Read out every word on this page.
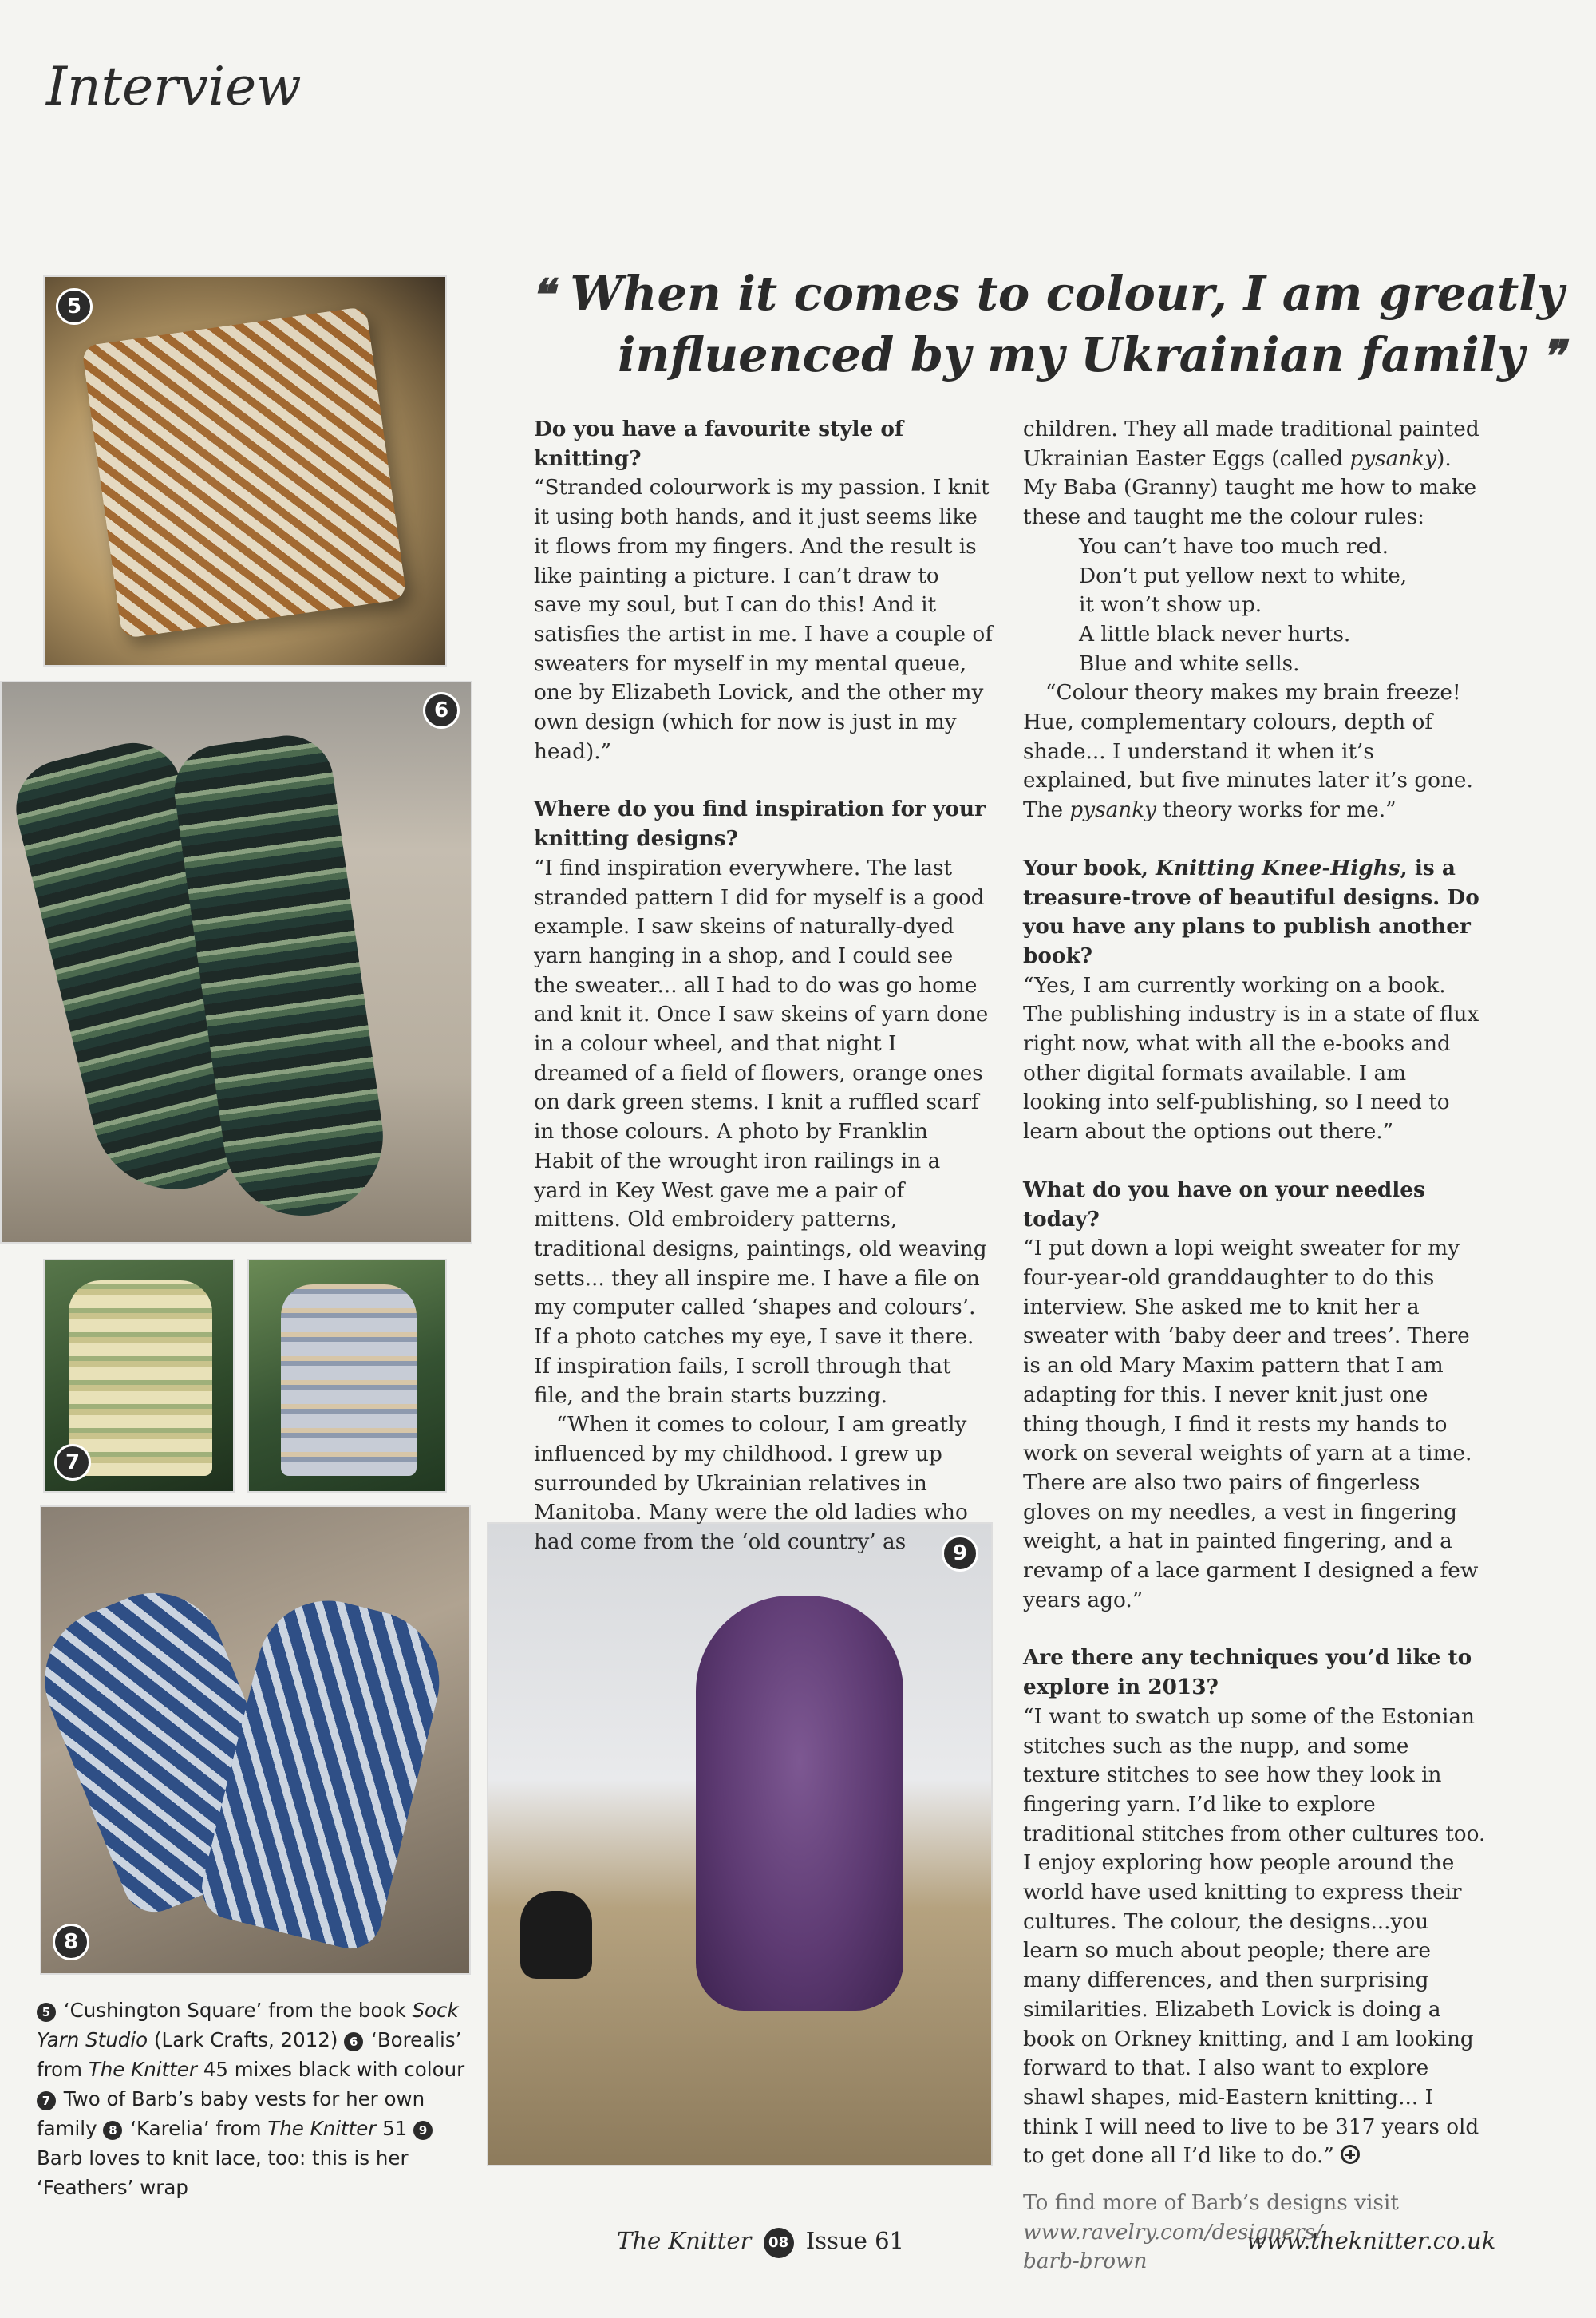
Interview
5
6
7
8
9
5 ‘Cushington Square’ from the book Sock Yarn Studio (Lark Crafts, 2012) 6 ‘Borealis’ from The Knitter 45 mixes black with colour 7 Two of Barb’s baby vests for her own family 8 ‘Karelia’ from The Knitter 51 9 Barb loves to knit lace, too: this is her ‘Feathers’ wrap
❝ When it comes to colour, I am greatly
influenced by my Ukrainian family ❞

Do you have a favourite style of knitting?

“Stranded colourwork is my passion. I knit it using both hands, and it just seems like it flows from my fingers. And the result is like painting a picture. I can’t draw to save my soul, but I can do this! And it satisfies the artist in me. I have a couple of sweaters for myself in my mental queue, one by Elizabeth Lovick, and the other my own design (which for now is just in my head).”

Where do you find inspiration for your knitting designs?

“I find inspiration everywhere. The last stranded pattern I did for myself is a good example. I saw skeins of naturally-dyed yarn hanging in a shop, and I could see the sweater... all I had to do was go home and knit it. Once I saw skeins of yarn done in a colour wheel, and that night I dreamed of a field of flowers, orange ones on dark green stems. I knit a ruffled scarf in those colours. A photo by Franklin Habit of the wrought iron railings in a yard in Key West gave me a pair of mittens. Old embroidery patterns, traditional designs, paintings, old weaving setts... they all inspire me. I have a file on my computer called ‘shapes and colours’. If a photo catches my eye, I save it there. If inspiration fails, I scroll through that file, and the brain starts buzzing.

“When it comes to colour, I am greatly influenced by my childhood. I grew up surrounded by Ukrainian relatives in Manitoba. Many were the old ladies who had come from the ‘old country’ as

children. They all made traditional painted Ukrainian Easter Eggs (called pysanky). My Baba (Granny) taught me how to make these and taught me the colour rules:

You can’t have too much red.

Don’t put yellow next to white,

it won’t show up.

A little black never hurts.

Blue and white sells.

“Colour theory makes my brain freeze! Hue, complementary colours, depth of shade... I understand it when it’s explained, but five minutes later it’s gone. The pysanky theory works for me.”

Your book, Knitting Knee-Highs, is a treasure-trove of beautiful designs. Do you have any plans to publish another book?

“Yes, I am currently working on a book. The publishing industry is in a state of flux right now, what with all the e-books and other digital formats available. I am looking into self-publishing, so I need to learn about the options out there.”

What do you have on your needles today?

“I put down a lopi weight sweater for my four-year-old granddaughter to do this interview. She asked me to knit her a sweater with ‘baby deer and trees’. There is an old Mary Maxim pattern that I am adapting for this. I never knit just one thing though, I find it rests my hands to work on several weights of yarn at a time. There are also two pairs of fingerless gloves on my needles, a vest in fingering weight, a hat in painted fingering, and a revamp of a lace garment I designed a few years ago.”

Are there any techniques you’d like to explore in 2013?

“I want to swatch up some of the Estonian stitches such as the nupp, and some texture stitches to see how they look in fingering yarn. I’d like to explore traditional stitches from other cultures too. I enjoy exploring how people around the world have used knitting to express their cultures. The colour, the designs...you learn so much about people; there are many differences, and then surprising similarities. Elizabeth Lovick is doing a book on Orkney knitting, and I am looking forward to that. I also want to explore shawl shapes, mid-Eastern knitting... I think I will need to live to be 317 years old to get done all I’d like to do.”

To find more of Barb’s designs visit

www.ravelry.com/designers/

barb-brown

The Knitter 08 Issue 61	www.theknitter.co.uk
